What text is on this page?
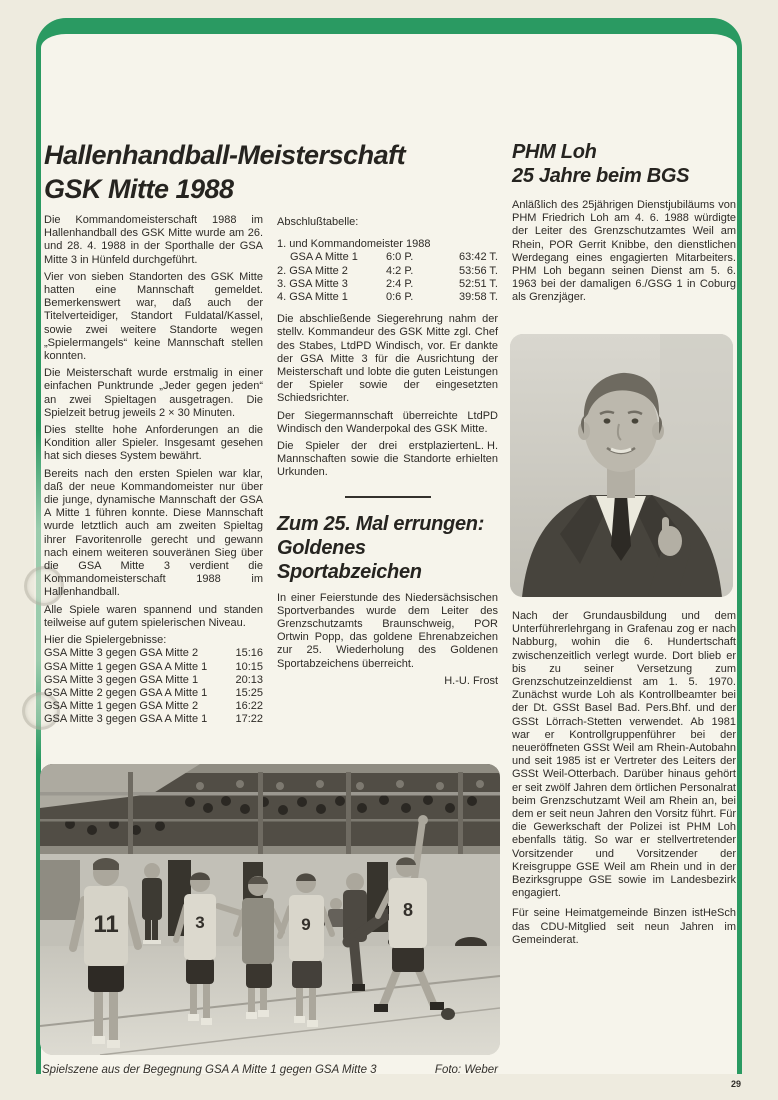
Hallenhandball-Meisterschaft
GSK Mitte 1988

Die Kommandomeisterschaft 1988 im Hallenhandball des GSK Mitte wurde am 26. und 28. 4. 1988 in der Sporthalle der GSA Mitte 3 in Hünfeld durchgeführt.

Vier von sieben Standorten des GSK Mitte hatten eine Mannschaft gemeldet. Bemerkenswert war, daß auch der Titelverteidiger, Standort Fuldatal/Kassel, sowie zwei weitere Standorte wegen „Spielermangels“ keine Mannschaft stellen konnten.

Die Meisterschaft wurde erstmalig in einer einfachen Punktrunde „Jeder gegen jeden“ an zwei Spieltagen ausgetragen. Die Spielzeit betrug jeweils 2 × 30 Minuten.

Dies stellte hohe Anforderungen an die Kondition aller Spieler. Insgesamt gesehen hat sich dieses System bewährt.

Bereits nach den ersten Spielen war klar, daß der neue Kommandomeister nur über die junge, dynamische Mannschaft der GSA A Mitte 1 führen konnte. Diese Mannschaft wurde letztlich auch am zweiten Spieltag ihrer Favoritenrolle gerecht und gewann nach einem weiteren souveränen Sieg über die GSA Mitte 3 verdient die Kommandomeisterschaft 1988 im Hallenhandball.

Alle Spiele waren spannend und standen teilweise auf gutem spielerischen Niveau.

Hier die Spielergebnisse:

GSA Mitte 3 gegen GSA Mitte 2	15:16
GSA Mitte 1 gegen GSA A Mitte 1	10:15
GSA Mitte 3 gegen GSA Mitte 1	20:13
GSA Mitte 2 gegen GSA A Mitte 1	15:25
GSA Mitte 1 gegen GSA Mitte 2	16:22
GSA Mitte 3 gegen GSA A Mitte 1	17:22

Abschlußtabelle:

1. und Kommandomeister 1988
GSA A Mitte 1	6:0 P.	63:42 T.
2. GSA Mitte 2	4:2 P.	53:56 T.
3. GSA Mitte 3	2:4 P.	52:51 T.
4. GSA Mitte 1	0:6 P.	39:58 T.

Die abschließende Siegerehrung nahm der stellv. Kommandeur des GSK Mitte zgl. Chef des Stabes, LtdPD Windisch, vor. Er dankte der GSA Mitte 3 für die Ausrichtung der Meisterschaft und lobte die guten Leistungen der Spieler sowie der eingesetzten Schiedsrichter.

Der Siegermannschaft überreichte LtdPD Windisch den Wanderpokal des GSK Mitte.

L. H.
Die Spieler der drei erstplazierten Mannschaften sowie die Standorte erhielten Urkunden.

Zum 25. Mal errungen:
Goldenes
Sportabzeichen

In einer Feierstunde des Niedersächsischen Sportverbandes wurde dem Leiter des Grenzschutzamts Braunschweig, POR Ortwin Popp, das goldene Ehrenabzeichen zur 25. Wiederholung des Goldenen Sportabzeichens überreicht.

H.-U. Frost
PHM Loh
25 Jahre beim BGS

Anläßlich des 25jährigen Dienstjubiläums von PHM Friedrich Loh am 4. 6. 1988 würdigte der Leiter des Grenzschutzamtes Weil am Rhein, POR Gerrit Knibbe, den dienstlichen Werdegang eines engagierten Mitarbeiters. PHM Loh begann seinen Dienst am 5. 6. 1963 bei der damaligen 6./GSG 1 in Coburg als Grenzjäger.

Nach der Grundausbildung und dem Unterführerlehrgang in Grafenau zog er nach Nabburg, wohin die 6. Hundertschaft zwischenzeitlich verlegt wurde. Dort blieb er bis zu seiner Versetzung zum Grenzschutzeinzeldienst am 1. 5. 1970. Zunächst wurde Loh als Kontrollbeamter bei der Dt. GSSt Basel Bad. Pers.Bhf. und der GSSt Lörrach-Stetten verwendet. Ab 1981 war er Kontrollgruppenführer bei der neueröffneten GSSt Weil am Rhein-Autobahn und seit 1985 ist er Vertreter des Leiters der GSSt Weil-Otterbach. Darüber hinaus gehört er seit zwölf Jahren dem örtlichen Personalrat beim Grenzschutzamt Weil am Rhein an, bei dem er seit neun Jahren den Vorsitz führt. Für die Gewerkschaft der Polizei ist PHM Loh ebenfalls tätig. So war er stellvertretender Vorsitzender und Vorsitzender der Kreisgruppe GSE Weil am Rhein und in der Bezirksgruppe GSE sowie im Landesbezirk engagiert.

HeSch
Für seine Heimatgemeinde Binzen ist das CDU-Mitglied seit neun Jahren im Gemeinderat.

11	3	9
8
Spielszene aus der Begegnung GSA A Mitte 1 gegen GSA Mitte 3	Foto: Weber
29
